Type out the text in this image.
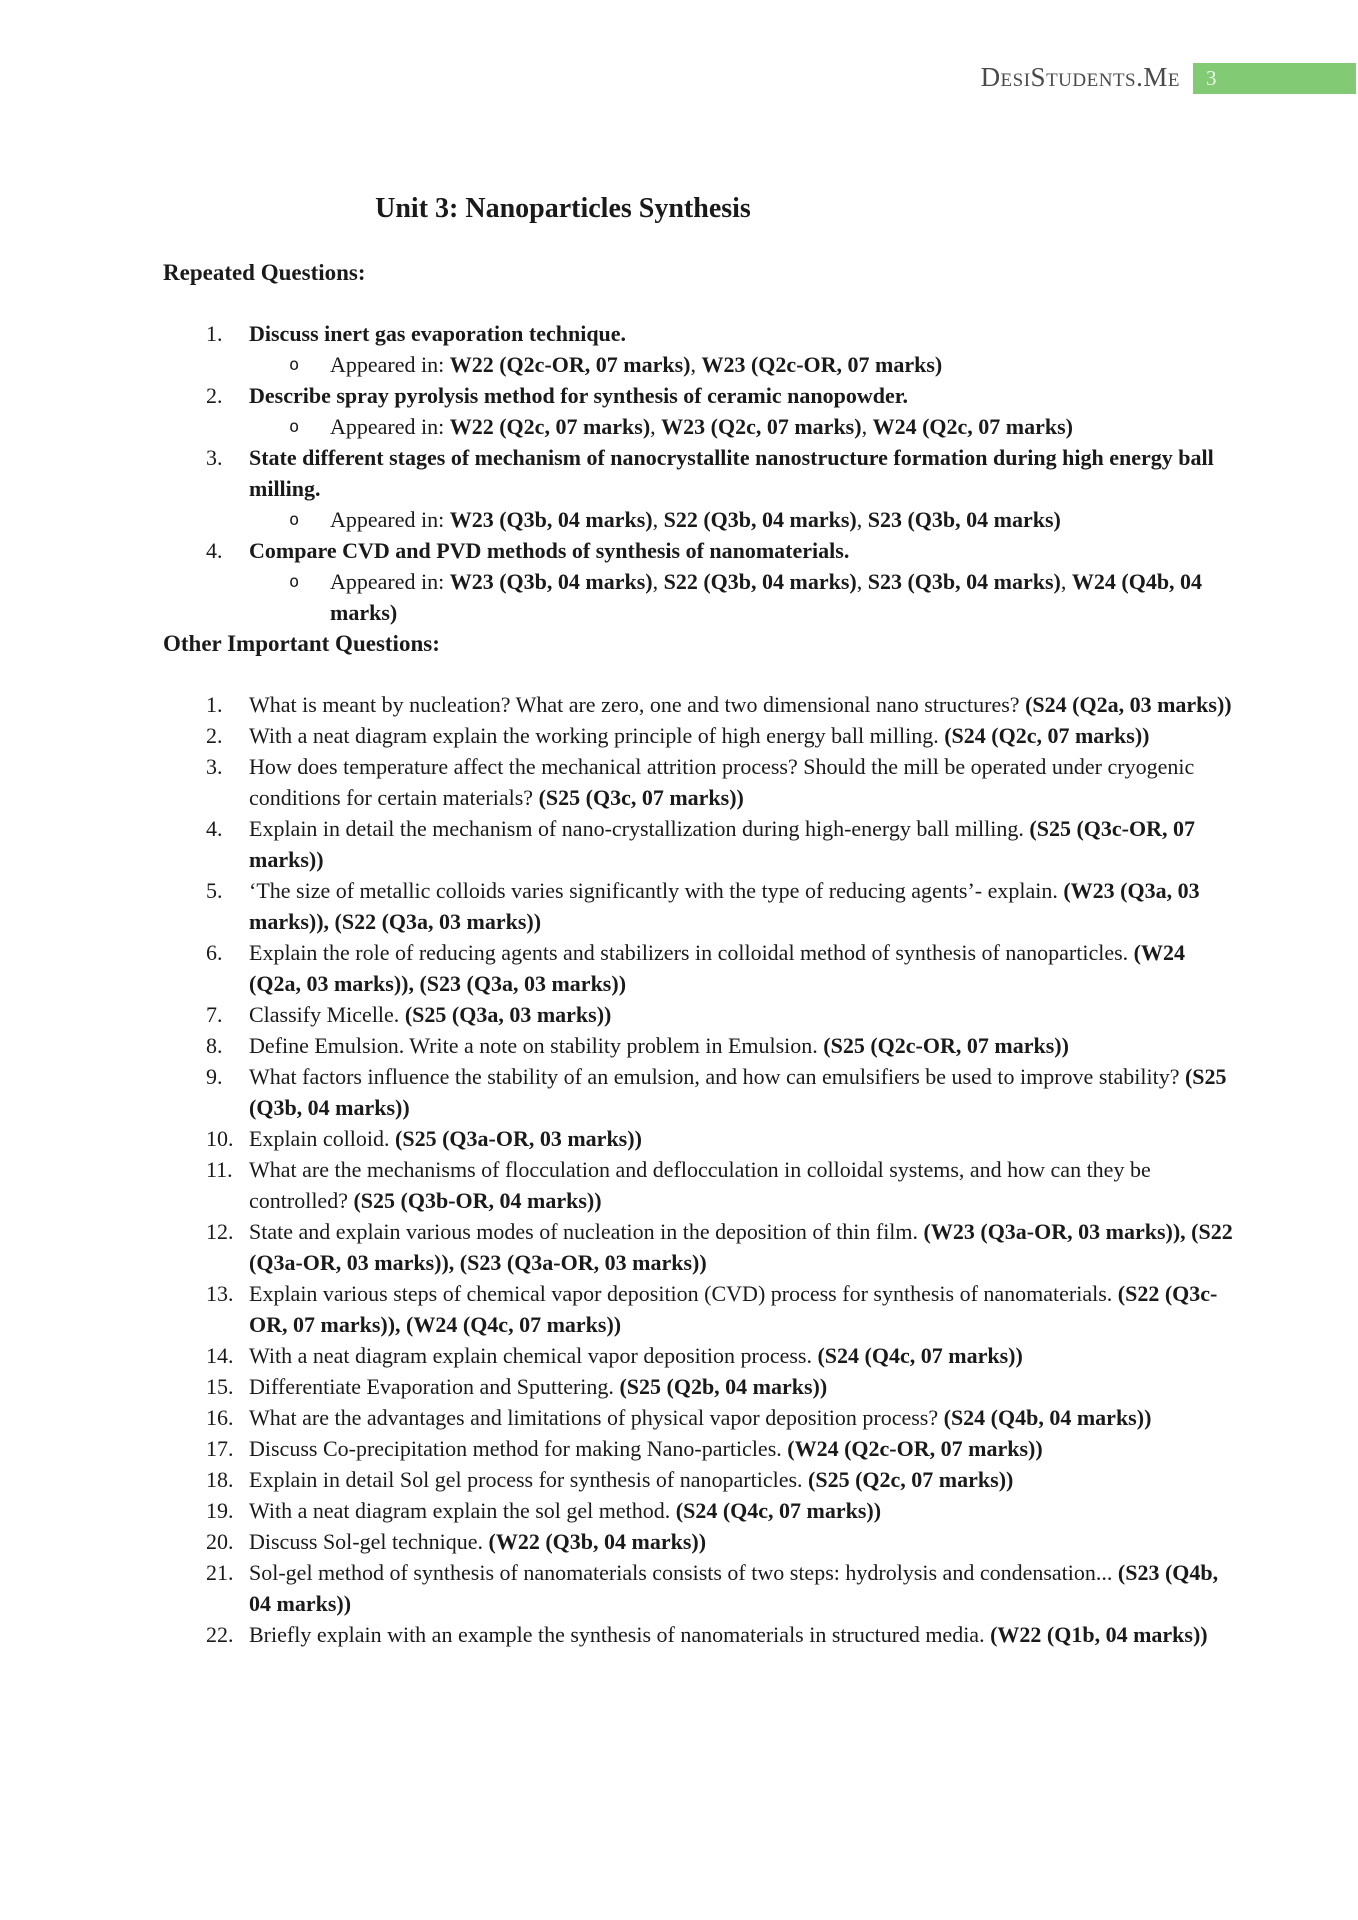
DesiStudents.Me 3
Unit 3: Nanoparticles Synthesis
Repeated Questions:
1. Discuss inert gas evaporation technique.
o Appeared in: W22 (Q2c-OR, 07 marks), W23 (Q2c-OR, 07 marks)
2. Describe spray pyrolysis method for synthesis of ceramic nanopowder.
o Appeared in: W22 (Q2c, 07 marks), W23 (Q2c, 07 marks), W24 (Q2c, 07 marks)
3. State different stages of mechanism of nanocrystallite nanostructure formation during high energy ball milling.
o Appeared in: W23 (Q3b, 04 marks), S22 (Q3b, 04 marks), S23 (Q3b, 04 marks)
4. Compare CVD and PVD methods of synthesis of nanomaterials.
o Appeared in: W23 (Q3b, 04 marks), S22 (Q3b, 04 marks), S23 (Q3b, 04 marks), W24 (Q4b, 04 marks)
Other Important Questions:
1. What is meant by nucleation? What are zero, one and two dimensional nano structures? (S24 (Q2a, 03 marks))
2. With a neat diagram explain the working principle of high energy ball milling. (S24 (Q2c, 07 marks))
3. How does temperature affect the mechanical attrition process? Should the mill be operated under cryogenic conditions for certain materials? (S25 (Q3c, 07 marks))
4. Explain in detail the mechanism of nano-crystallization during high-energy ball milling. (S25 (Q3c-OR, 07 marks))
5. ‘The size of metallic colloids varies significantly with the type of reducing agents’- explain. (W23 (Q3a, 03 marks)), (S22 (Q3a, 03 marks))
6. Explain the role of reducing agents and stabilizers in colloidal method of synthesis of nanoparticles. (W24 (Q2a, 03 marks)), (S23 (Q3a, 03 marks))
7. Classify Micelle. (S25 (Q3a, 03 marks))
8. Define Emulsion. Write a note on stability problem in Emulsion. (S25 (Q2c-OR, 07 marks))
9. What factors influence the stability of an emulsion, and how can emulsifiers be used to improve stability? (S25 (Q3b, 04 marks))
10. Explain colloid. (S25 (Q3a-OR, 03 marks))
11. What are the mechanisms of flocculation and deflocculation in colloidal systems, and how can they be controlled? (S25 (Q3b-OR, 04 marks))
12. State and explain various modes of nucleation in the deposition of thin film. (W23 (Q3a-OR, 03 marks)), (S22 (Q3a-OR, 03 marks)), (S23 (Q3a-OR, 03 marks))
13. Explain various steps of chemical vapor deposition (CVD) process for synthesis of nanomaterials. (S22 (Q3c-OR, 07 marks)), (W24 (Q4c, 07 marks))
14. With a neat diagram explain chemical vapor deposition process. (S24 (Q4c, 07 marks))
15. Differentiate Evaporation and Sputtering. (S25 (Q2b, 04 marks))
16. What are the advantages and limitations of physical vapor deposition process? (S24 (Q4b, 04 marks))
17. Discuss Co-precipitation method for making Nano-particles. (W24 (Q2c-OR, 07 marks))
18. Explain in detail Sol gel process for synthesis of nanoparticles. (S25 (Q2c, 07 marks))
19. With a neat diagram explain the sol gel method. (S24 (Q4c, 07 marks))
20. Discuss Sol-gel technique. (W22 (Q3b, 04 marks))
21. Sol-gel method of synthesis of nanomaterials consists of two steps: hydrolysis and condensation... (S23 (Q4b, 04 marks))
22. Briefly explain with an example the synthesis of nanomaterials in structured media. (W22 (Q1b, 04 marks))
